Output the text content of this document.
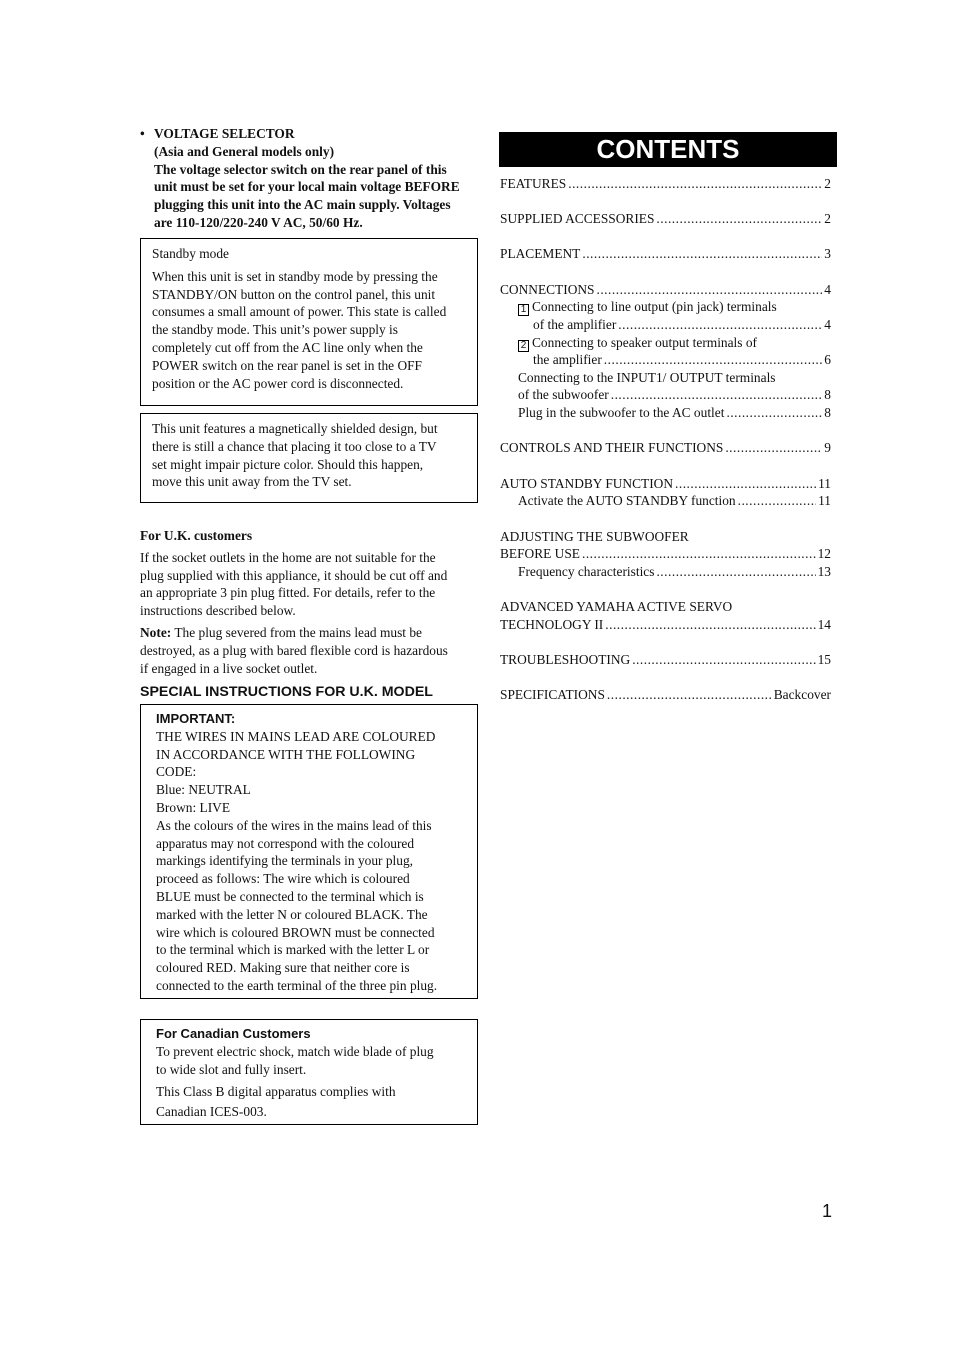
• VOLTAGE SELECTOR
(Asia and General models only)
The voltage selector switch on the rear panel of this
unit must be set for your local main voltage BEFORE
plugging this unit into the AC main supply. Voltages
are 110-120/220-240 V AC, 50/60 Hz.
Standby mode
When this unit is set in standby mode by pressing the
STANDBY/ON button on the control panel, this unit
consumes a small amount of power. This state is called
the standby mode. This unit’s power supply is
completely cut off from the AC line only when the
POWER switch on the rear panel is set in the OFF
position or the AC power cord is disconnected.
This unit features a magnetically shielded design, but
there is still a chance that placing it too close to a TV
set might impair picture color. Should this happen,
move this unit away from the TV set.
For U.K. customers
If the socket outlets in the home are not suitable for the
plug supplied with this appliance, it should be cut off and
an appropriate 3 pin plug fitted. For details, refer to the
instructions described below.
Note: The plug severed from the mains lead must be
destroyed, as a plug with bared flexible cord is hazardous
if engaged in a live socket outlet.
SPECIAL INSTRUCTIONS FOR U.K. MODEL
IMPORTANT:
THE WIRES IN MAINS LEAD ARE COLOURED
IN ACCORDANCE WITH THE FOLLOWING
CODE:
Blue: NEUTRAL
Brown: LIVE
As the colours of the wires in the mains lead of this
apparatus may not correspond with the coloured
markings identifying the terminals in your plug,
proceed as follows: The wire which is coloured
BLUE must be connected to the terminal which is
marked with the letter N or coloured BLACK. The
wire which is coloured BROWN must be connected
to the terminal which is marked with the letter L or
coloured RED. Making sure that neither core is
connected to the earth terminal of the three pin plug.
For Canadian Customers
To prevent electric shock, match wide blade of plug
to wide slot and fully insert.
This Class B digital apparatus complies with
Canadian ICES-003.
CONTENTS
FEATURES .....	2
SUPPLIED ACCESSORIES .....	2
PLACEMENT .....	3
CONNECTIONS .....	4
1 Connecting to line output (pin jack) terminals
of the amplifier .....	4
2 Connecting to speaker output terminals of
the amplifier .....	6
Connecting to the INPUT1/ OUTPUT terminals
of the subwoofer .....	8
Plug in the subwoofer to the AC outlet .....	8
CONTROLS AND THEIR FUNCTIONS .....	9
AUTO STANDBY FUNCTION .....	11
Activate the AUTO STANDBY function .....	11
ADJUSTING THE SUBWOOFER
BEFORE USE .....	12
Frequency characteristics .....	13
ADVANCED YAMAHA ACTIVE SERVO
TECHNOLOGY II .....	14
TROUBLESHOOTING .....	15
SPECIFICATIONS .....	Backcover
1
